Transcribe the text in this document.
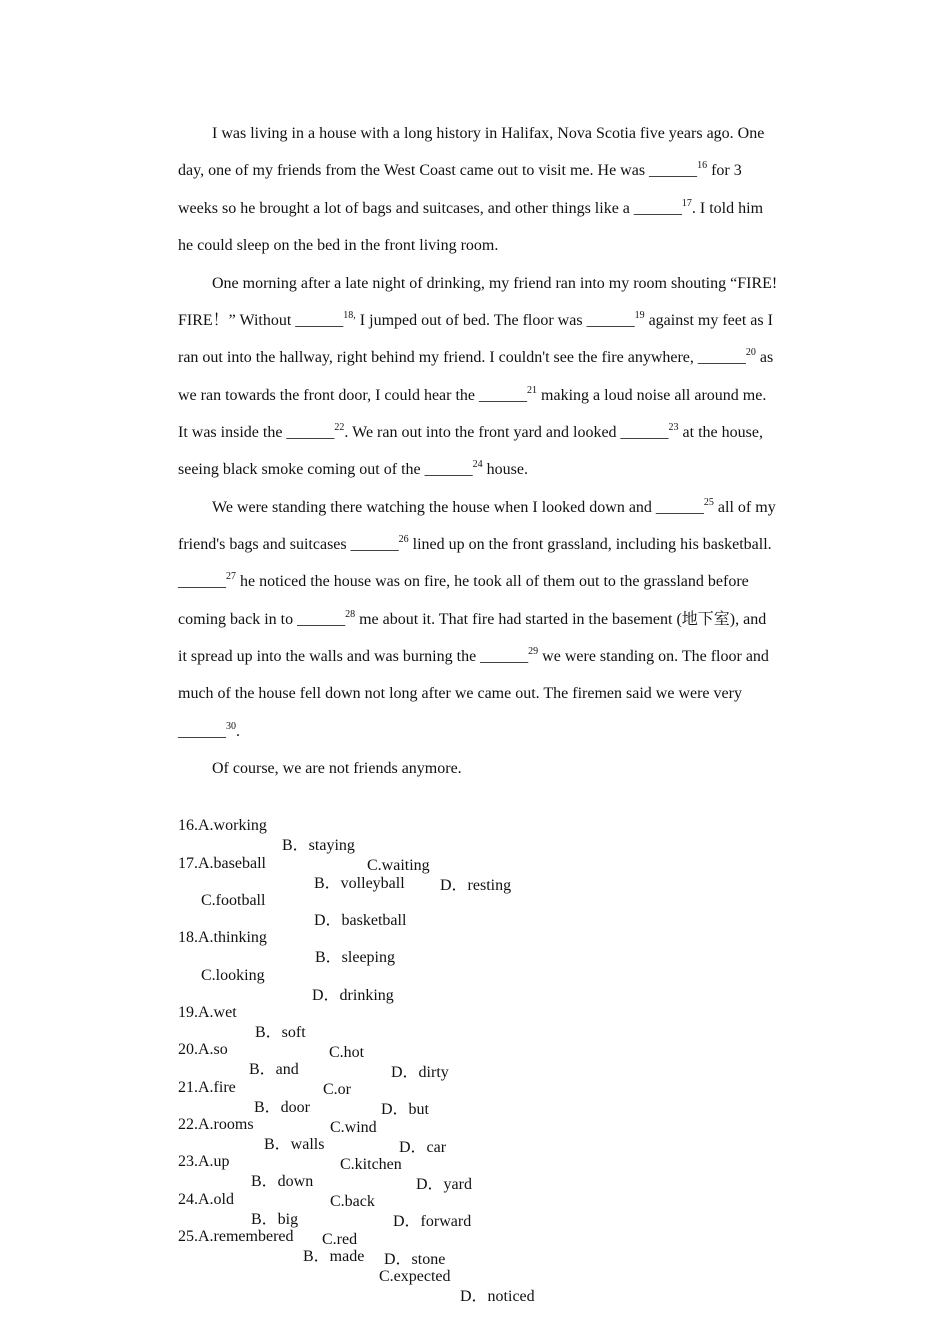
I was living in a house with a long history in Halifax, Nova Scotia five years ago. One
day, one of my friends from the West Coast came out to visit me. He was ______$^{16}$ for 3
weeks so he brought a lot of bags and suitcases, and other things like a ______$^{17}$. I told him
he could sleep on the bed in the front living room.
One morning after a late night of drinking, my friend ran into my room shouting “FIRE!
FIRE！” Without ______$^{18,}$ I jumped out of bed. The floor was ______$^{19}$ against my feet as I
ran out into the hallway, right behind my friend. I couldn't see the fire anywhere, ______$^{20}$ as
we ran towards the front door, I could hear the ______$^{21}$ making a loud noise all around me.
It was inside the ______$^{22}$. We ran out into the front yard and looked ______$^{23}$ at the house,
seeing black smoke coming out of the ______$^{24}$ house.
We were standing there watching the house when I looked down and ______$^{25}$ all of my
friend's bags and suitcases ______$^{26}$ lined up on the front grassland, including his basketball.
______$^{27}$ he noticed the house was on fire, he took all of them out to the grassland before
coming back in to ______$^{28}$ me about it. That fire had started in the basement (地下室), and
it spread up into the walls and was burning the ______$^{29}$ we were standing on. The floor and
much of the house fell down not long after we came out. The firemen said we were very
______$^{30}$.
Of course, we are not friends anymore.

16.A.working

B．staying

C.waiting

D．resting

17.A.baseball

B．volleyball

C.football

D．basketball

18.A.thinking

B．sleeping

C.looking

D．drinking

19.A.wet

B．soft

C.hot

D．dirty

20.A.so

B．and

C.or

D．but

21.A.fire

B．door

C.wind

D．car

22.A.rooms

B．walls

C.kitchen

D．yard

23.A.up

B．down

C.back

D．forward

24.A.old

B．big

C.red

D．stone

25.A.remembered

B．made

C.expected

D．noticed
